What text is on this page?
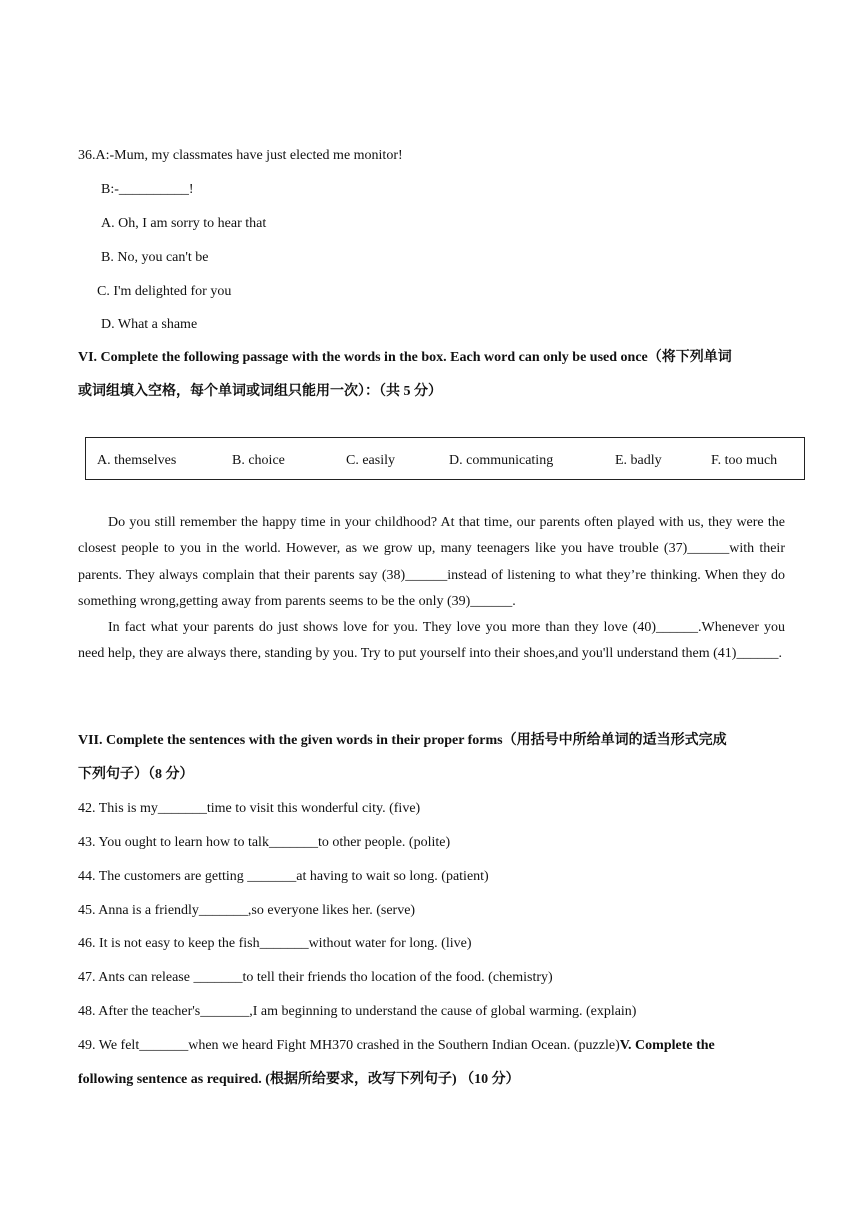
36.A:-Mum, my classmates have just elected me monitor!
B:-__________!
A. Oh, I am sorry to hear that
B. No, you can't be
C. I'm delighted for you
D. What a shame
VI. Complete the following passage with the words in the box. Each word can only be used once（将下列单词
或词组填入空格，每个单词或词组只能用一次）：（共 5 分）
A. themselves	B. choice	C. easily	D. communicating	E. badly	F. too much
Do you still remember the happy time in your childhood? At that time, our parents often played with us, they were the closest people to you in the world. However, as we grow up, many teenagers like you have trouble (37)______with their parents. They always complain that their parents say (38)______instead of listening to what they’re thinking. When they do something wrong,getting away from parents seems to be the only (39)______.
In fact what your parents do just shows love for you. They love you more than they love (40)______.Whenever you need help, they are always there, standing by you. Try to put yourself into their shoes,and you'll understand them (41)______.
VII. Complete the sentences with the given words in their proper forms（用括号中所给单词的适当形式完成
下列句子）（8 分）
42. This is my_______time to visit this wonderful city. (five)
43. You ought to learn how to talk_______to other people. (polite)
44. The customers are getting _______at having to wait so long. (patient)
45. Anna is a friendly_______,so everyone likes her. (serve)
46. It is not easy to keep the fish_______without water for long. (live)
47. Ants can release _______to tell their friends tho location of the food. (chemistry)
48. After the teacher's_______,I am beginning to understand the cause of global warming. (explain)
49. We felt_______when we heard Fight MH370 crashed in the Southern Indian Ocean. (puzzle)V. Complete the
following sentence as required. (根据所给要求，改写下列句子) （10 分）
